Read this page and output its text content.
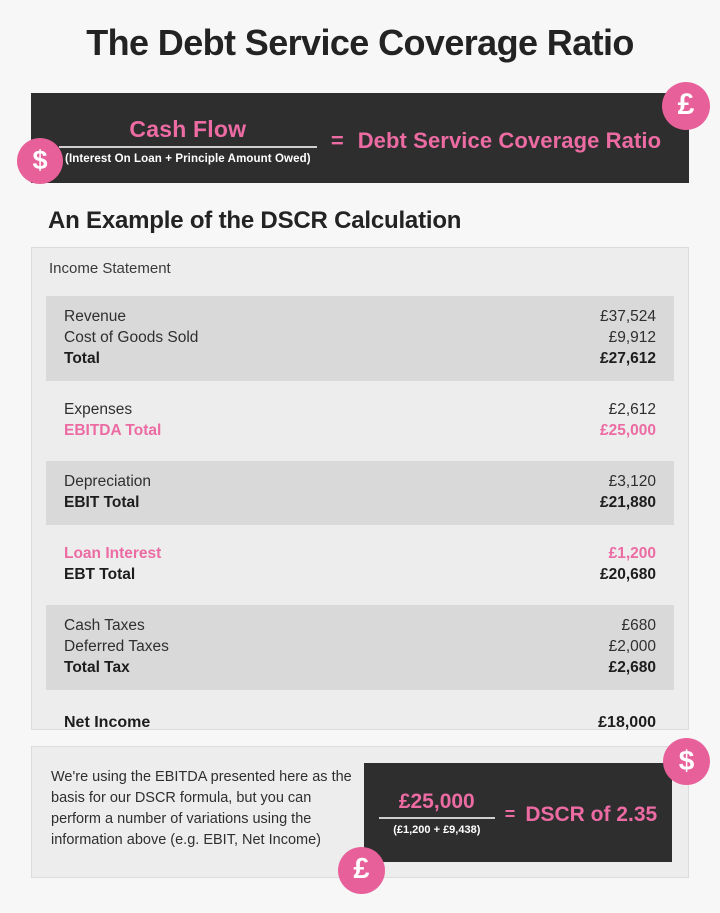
The Debt Service Coverage Ratio
$\frac{\text{Cash Flow}}{\text{(Interest On Loan + Principle Amount Owed)}}$ = Debt Service Coverage Ratio
£
$
$
£
An Example of the DSCR Calculation
Income Statement
Revenue	£37,524
Cost of Goods Sold	£9,912
Total	£27,612
Expenses	£2,612
EBITDA Total	£25,000
Depreciation	£3,120
EBIT Total	£21,880
Loan Interest	£1,200
EBT Total	£20,680
Cash Taxes	£680
Deferred Taxes	£2,000
Total Tax	£2,680
Net Income	£18,000
We're using the EBITDA presented here as the basis for our DSCR formula, but you can perform a number of variations using the information above (e.g. EBIT, Net Income)
$\frac{£25,000}{(£1,200 + £9,438)}$ = DSCR of 2.35
